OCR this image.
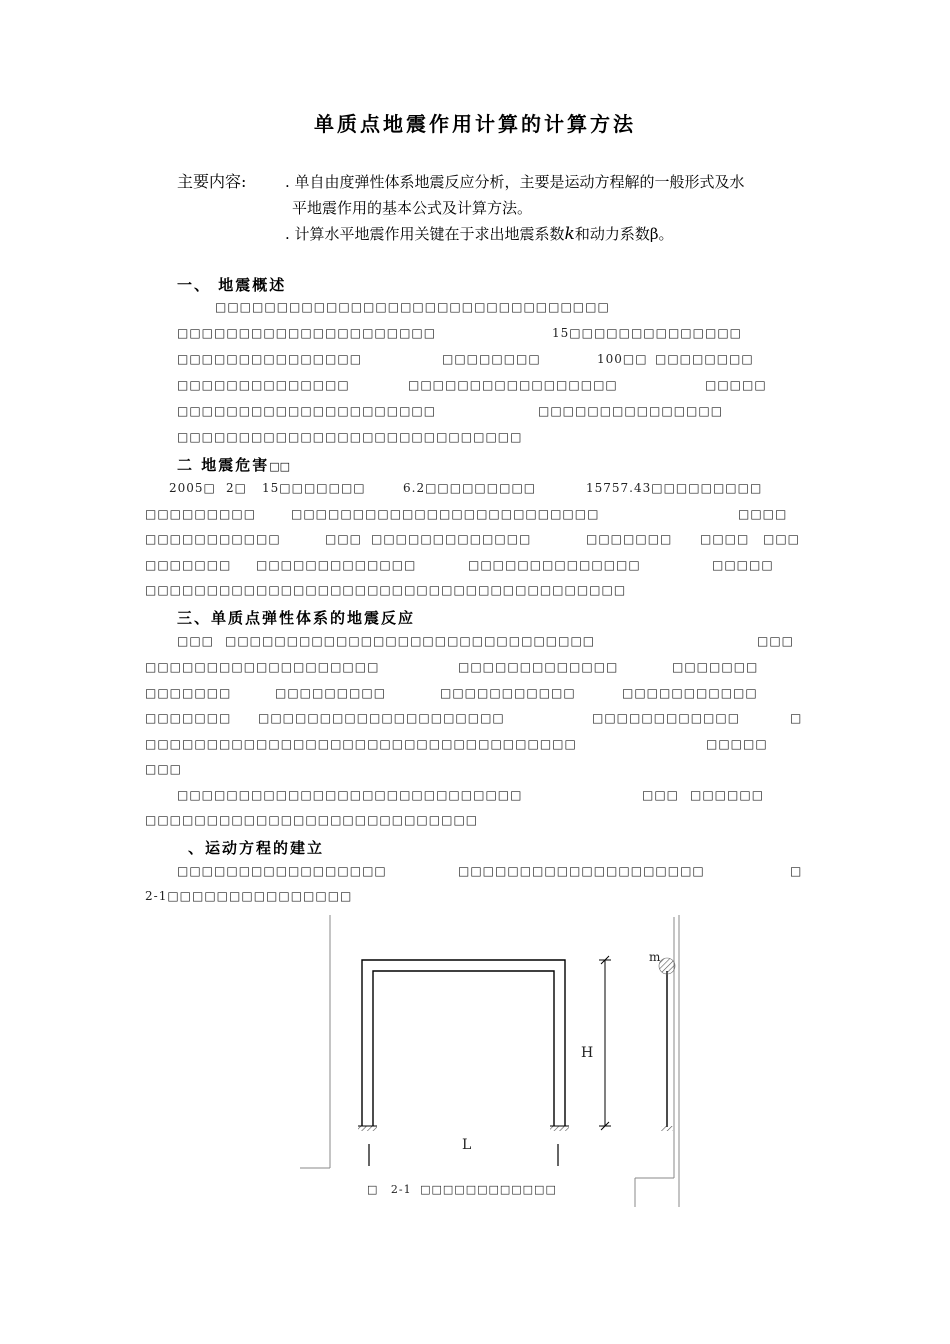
单质点地震作用计算的计算方法
主要内容:	. 单自由度弹性体系地震反应分析，主要是运动方程解的一般形式及水
平地震作用的基本公式及计算方法。
. 计算水平地震作用关键在于求出地震系数k和动力系数β。
一、 地震概述
□□□□□□□□□□□□□□□□□□□□□□□□□□□□□□□□
□□□□□□□□□□□□□□□□□□□□□	15□□□□□□□□□□□□□□
□□□□□□□□□□□□□□□	□□□□□□□□	100□□ □□□□□□□□
□□□□□□□□□□□□□□	□□□□□□□□□□□□□□□□□	□□□□□
□□□□□□□□□□□□□□□□□□□□□	□□□□□□□□□□□□□□□
□□□□□□□□□□□□□□□□□□□□□□□□□□□□
二 地震危害□□
2005□ 2□ 15□□□□□□□	6.2□□□□□□□□□	15757.43□□□□□□□□□
□□□□□□□□□	□□□□□□□□□□□□□□□□□□□□□□□□□	□□□□
□□□□□□□□□□□	□□□ □□□□□□□□□□□□□	□□□□□□□ □□□□ □□□
□□□□□□□ □□□□□□□□□□□□□	□□□□□□□□□□□□□□	□□□□□
□□□□□□□□□□□□□□□□□□□□□□□□□□□□□□□□□□□□□□□
三、单质点弹性体系的地震反应
□□□ □□□□□□□□□□□□□□□□□□□□□□□□□□□□□□	□□□
□□□□□□□□□□□□□□□□□□□	□□□□□□□□□□□□□	□□□□□□□
□□□□□□□	□□□□□□□□□	□□□□□□□□□□□	□□□□□□□□□□□
□□□□□□□ □□□□□□□□□□□□□□□□□□□□	□□□□□□□□□□□□	□
□□□□□□□□□□□□□□□□□□□□□□□□□□□□□□□□□□□	□□□□□
□□□
□□□□□□□□□□□□□□□□□□□□□□□□□□□□	□□□ □□□□□□
□□□□□□□□□□□□□□□□□□□□□□□□□□□
、运动方程的建立
□□□□□□□□□□□□□□□□□	□□□□□□□□□□□□□□□□□□□□	□
2-1□□□□□□□□□□□□□□□
m
H
L
□ 2-1 □□□□□□□□□□□□
